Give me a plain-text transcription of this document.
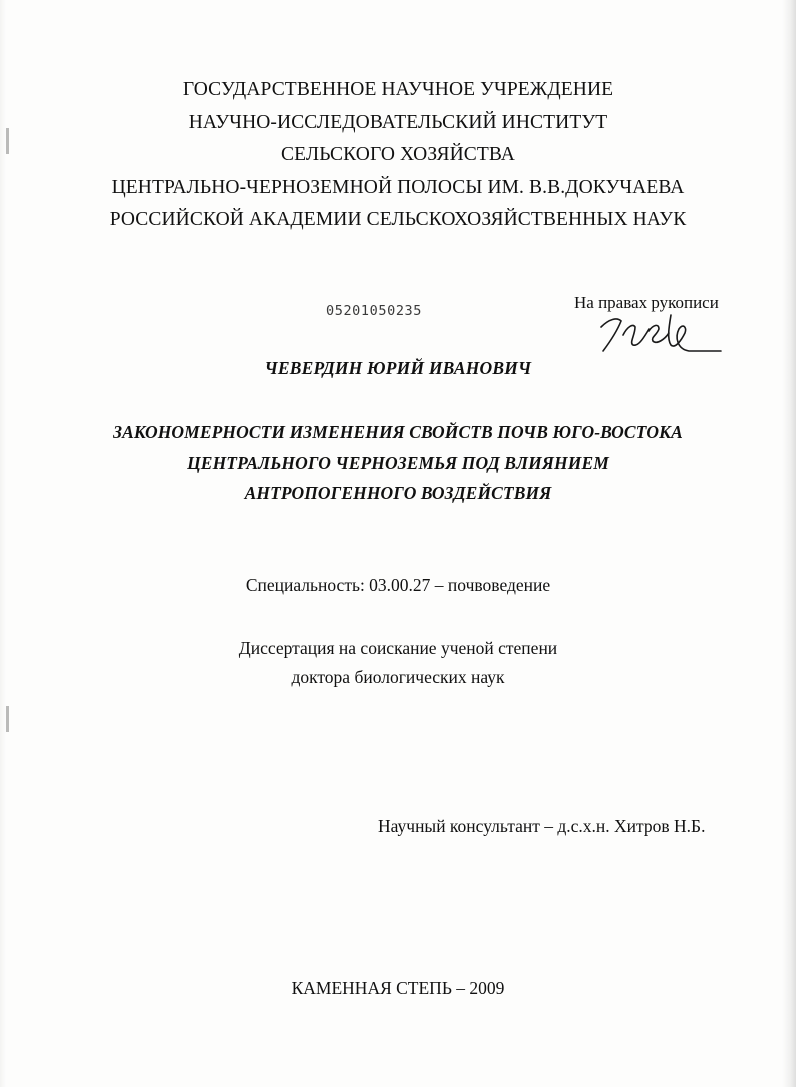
ГОСУДАРСТВЕННОЕ НАУЧНОЕ УЧРЕЖДЕНИЕ
НАУЧНО-ИССЛЕДОВАТЕЛЬСКИЙ ИНСТИТУТ
СЕЛЬСКОГО ХОЗЯЙСТВА
ЦЕНТРАЛЬНО-ЧЕРНОЗЕМНОЙ ПОЛОСЫ ИМ. В.В.ДОКУЧАЕВА
РОССИЙСКОЙ АКАДЕМИИ СЕЛЬСКОХОЗЯЙСТВЕННЫХ НАУК
05201050235	На правах рукописи
ЧЕВЕРДИН ЮРИЙ ИВАНОВИЧ
ЗАКОНОМЕРНОСТИ ИЗМЕНЕНИЯ СВОЙСТВ ПОЧВ ЮГО-ВОСТОКА
ЦЕНТРАЛЬНОГО ЧЕРНОЗЕМЬЯ ПОД ВЛИЯНИЕМ
АНТРОПОГЕННОГО ВОЗДЕЙСТВИЯ
Специальность: 03.00.27 – почвоведение
Диссертация на соискание ученой степени
доктора биологических наук
Научный консультант – д.с.х.н. Хитров Н.Б.
КАМЕННАЯ СТЕПЬ – 2009
